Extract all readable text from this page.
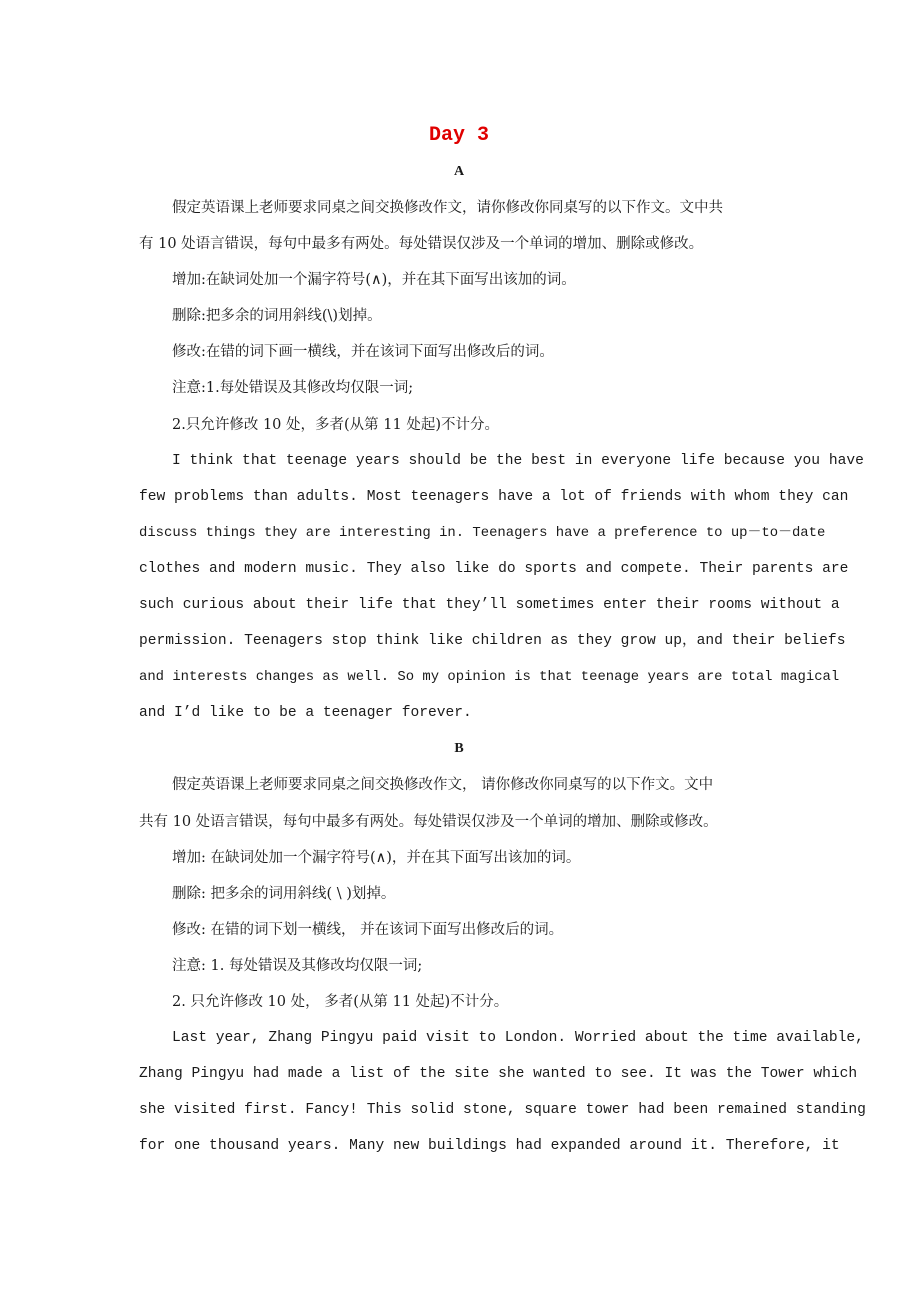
Day 3
A
假定英语课上老师要求同桌之间交换修改作文，请你修改你同桌写的以下作文。文中共
有 10 处语言错误，每句中最多有两处。每处错误仅涉及一个单词的增加、删除或修改。
增加:在缺词处加一个漏字符号(∧)，并在其下面写出该加的词。
删除:把多余的词用斜线(\)划掉。
修改:在错的词下画一横线，并在该词下面写出修改后的词。
注意:1.每处错误及其修改均仅限一词;
2.只允许修改 10 处，多者(从第 11 处起)不计分。
I think that teenage years should be the best in everyone life because you have
few problems than adults. Most teenagers have a lot of friends with whom they can
discuss things they are interesting in. Teenagers have a preference to up－to－date
clothes and modern music. They also like do sports and compete. Their parents are
such curious about their life that they’ll sometimes enter their rooms without a
permission. Teenagers stop think like children as they grow up，and their beliefs
and interests changes as well. So my opinion is that teenage years are total magical
and I’d like to be a teenager forever.
B
假定英语课上老师要求同桌之间交换修改作文， 请你修改你同桌写的以下作文。文中
共有 10 处语言错误，每句中最多有两处。每处错误仅涉及一个单词的增加、删除或修改。
增加: 在缺词处加一个漏字符号(∧)，并在其下面写出该加的词。
删除: 把多余的词用斜线( \ )划掉。
修改: 在错的词下划一横线， 并在该词下面写出修改后的词。
注意: 1. 每处错误及其修改均仅限一词;
2. 只允许修改 10 处， 多者(从第 11 处起)不计分。
Last year, Zhang Pingyu paid visit to London. Worried about the time available,
Zhang Pingyu had made a list of the site she wanted to see. It was the Tower which
she visited first. Fancy! This solid stone, square tower had been remained standing
for one thousand years. Many new buildings had expanded around it. Therefore, it
